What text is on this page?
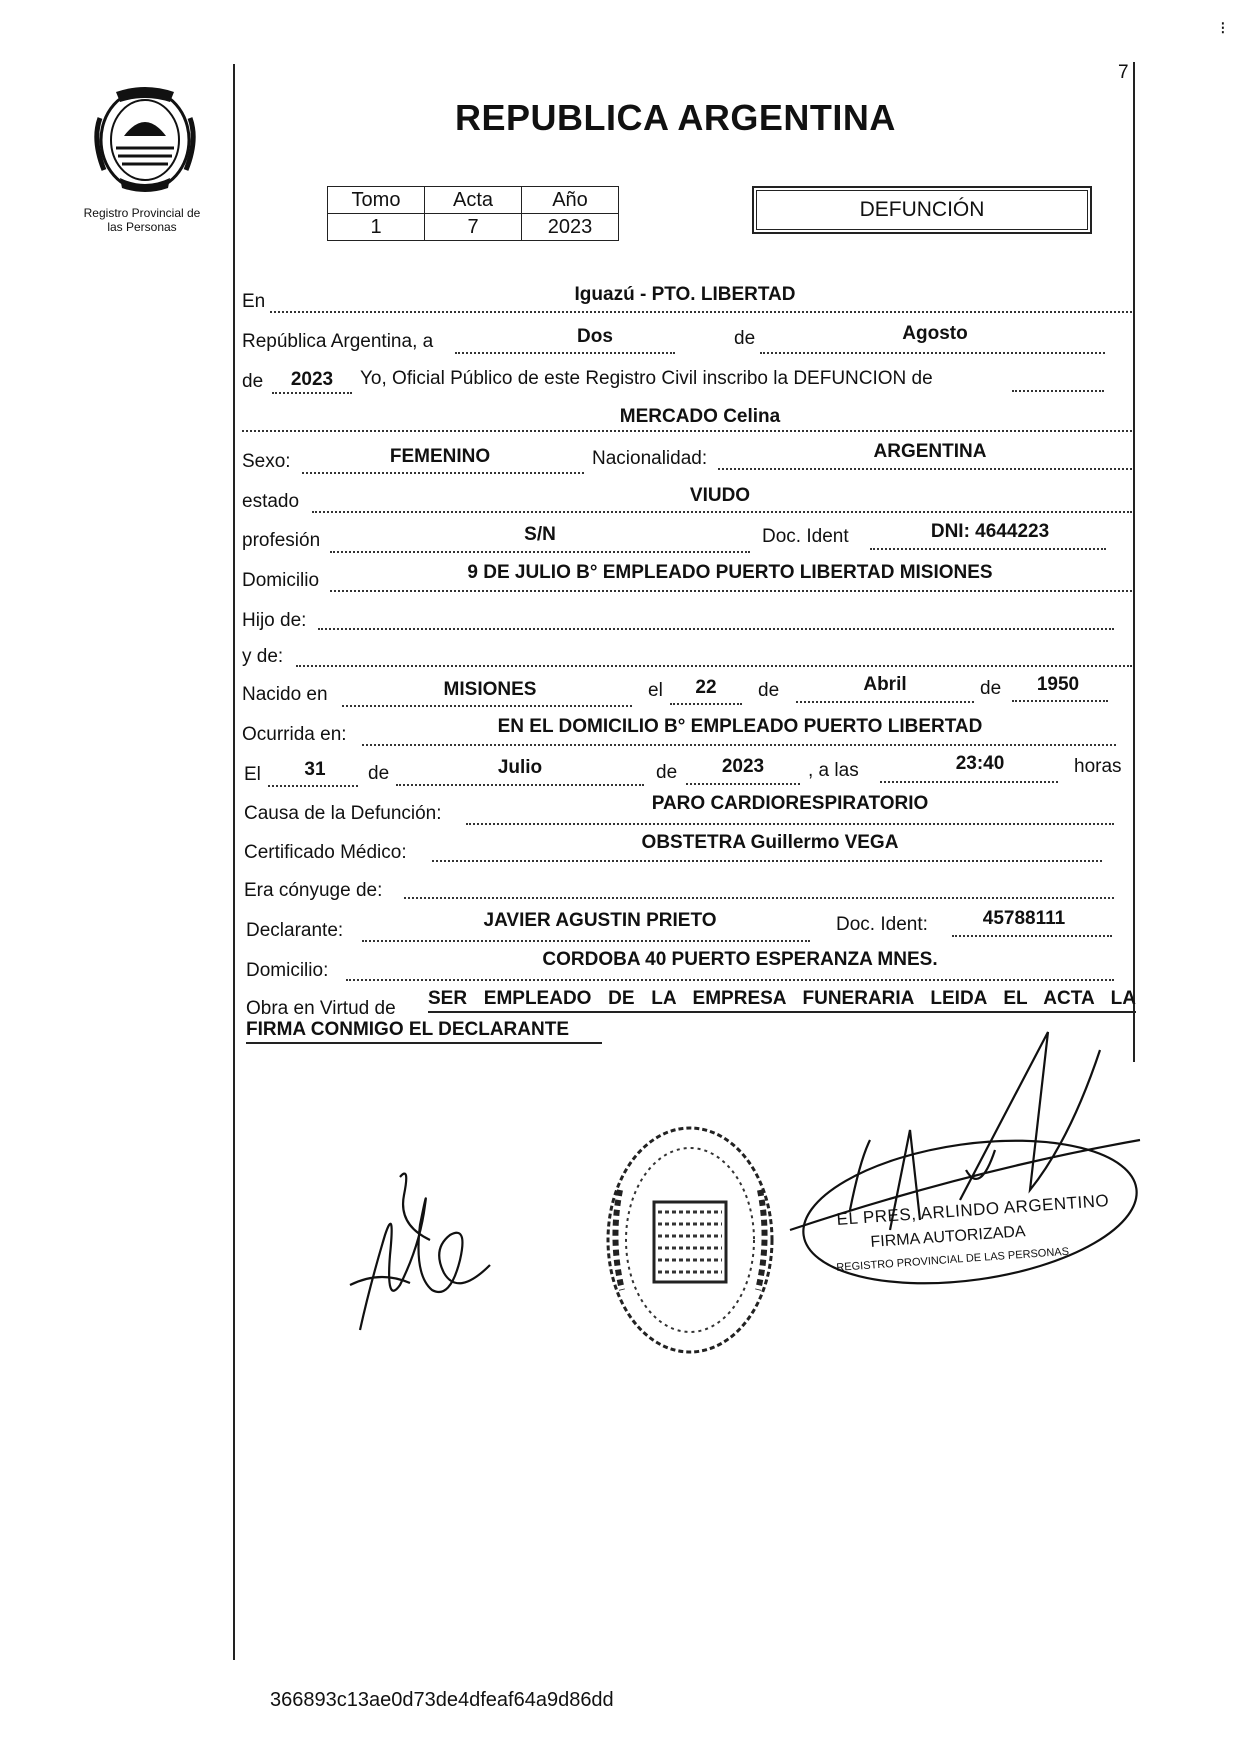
7
⁝
Registro Provincial de
las Personas
REPUBLICA ARGENTINA
Tomo	Acta	Año
1	7	2023
DEFUNCIÓN
En	Iguazú - PTO. LIBERTAD
República Argentina, a	Dos	de	Agosto
de	2023	Yo, Oficial Público de este Registro Civil inscribo la DEFUNCION de
MERCADO Celina
Sexo:	FEMENINO	Nacionalidad:	ARGENTINA
estado	VIUDO
profesión	S/N	Doc. Ident	DNI: 4644223
Domicilio	9 DE JULIO B° EMPLEADO PUERTO LIBERTAD MISIONES
Hijo de:
y de:
Nacido en	MISIONES	el	22	de	Abril	de	1950
Ocurrida en:	EN EL DOMICILIO B° EMPLEADO PUERTO LIBERTAD
El	31	de	Julio	de	2023	, a las	23:40	horas
Causa de la Defunción:	PARO CARDIORESPIRATORIO
Certificado Médico:	OBSTETRA Guillermo VEGA
Era cónyuge de:
Declarante:	JAVIER AGUSTIN PRIETO	Doc. Ident:	45788111
Domicilio:
CORDOBA 40 PUERTO ESPERANZA MNES.
Obra en Virtud de SER EMPLEADO DE LA EMPRESA FUNERARIA LEIDA EL ACTA LA
FIRMA CONMIGO EL DECLARANTE
EL PRES, ARLINDO ARGENTINO
FIRMA AUTORIZADA
REGISTRO PROVINCIAL DE LAS PERSONAS
366893c13ae0d73de4dfeaf64a9d86dd
